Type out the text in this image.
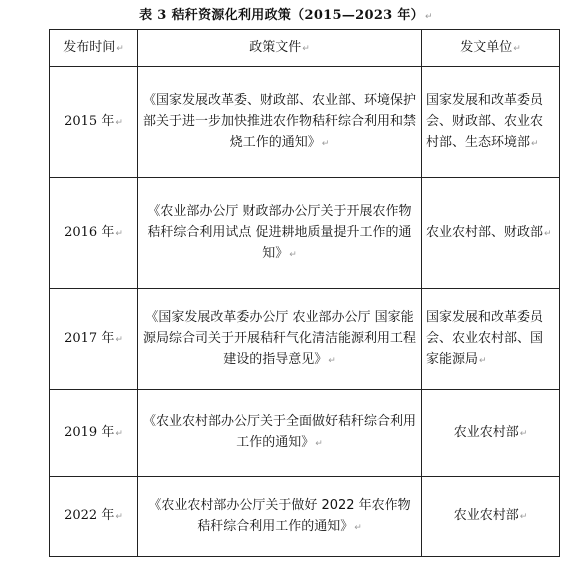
表 3 秸秆资源化利用政策（2015—2023 年）↵
发布时间↵	政策文件↵	发文单位↵
2015 年↵	《国家发展改革委、财政部、农业部、环境保护部关于进一步加快推进农作物秸秆综合利用和禁烧工作的通知》↵	国家发展和改革委员会、财政部、农业农村部、生态环境部↵
2016 年↵	《农业部办公厅 财政部办公厅关于开展农作物秸秆综合利用试点 促进耕地质量提升工作的通知》↵	农业农村部、财政部↵
2017 年↵	《国家发展改革委办公厅 农业部办公厅 国家能源局综合司关于开展秸秆气化清洁能源利用工程建设的指导意见》↵	国家发展和改革委员会、农业农村部、国家能源局↵
2019 年↵	《农业农村部办公厅关于全面做好秸秆综合利用工作的通知》↵	农业农村部↵
2022 年↵	《农业农村部办公厅关于做好 2022 年农作物秸秆综合利用工作的通知》↵	农业农村部↵
